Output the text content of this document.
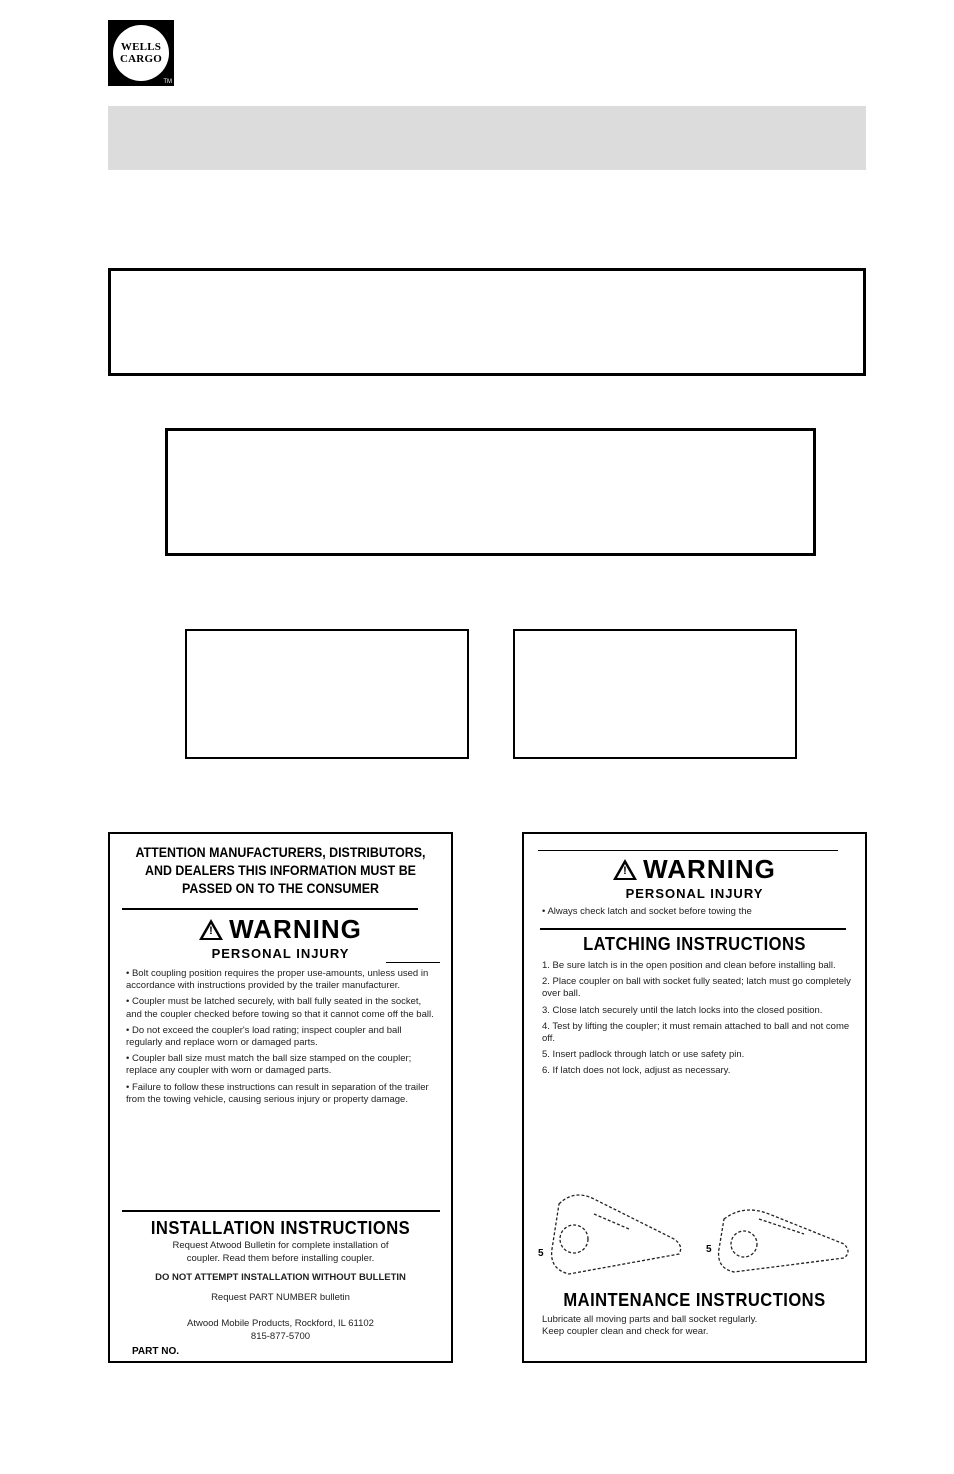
WELLS
CARGO
TM
ATTENTION MANUFACTURERS, DISTRIBUTORS,
AND DEALERS THIS INFORMATION MUST BE
PASSED ON TO THE CONSUMER
!
WARNING
PERSONAL INJURY
• Bolt coupling position requires the proper use-amounts, unless used in accordance with instructions provided by the trailer manufacturer.
• Coupler must be latched securely, with ball fully seated in the socket, and the coupler checked before towing so that it cannot come off the ball.
• Do not exceed the coupler's load rating; inspect coupler and ball regularly and replace worn or damaged parts.
• Coupler ball size must match the ball size stamped on the coupler; replace any coupler with worn or damaged parts.
• Failure to follow these instructions can result in separation of the trailer from the towing vehicle, causing serious injury or property damage.
INSTALLATION INSTRUCTIONS
Request Atwood Bulletin for complete installation of
coupler. Read them before installing coupler.
DO NOT ATTEMPT INSTALLATION WITHOUT BULLETIN
Request PART NUMBER bulletin
Atwood Mobile Products, Rockford, IL 61102
815-877-5700
PART NO.
!
WARNING
PERSONAL INJURY
• Always check latch and socket before towing the
LATCHING INSTRUCTIONS
1. Be sure latch is in the open position and clean before installing ball.
2. Place coupler on ball with socket fully seated; latch must go completely over ball.
3. Close latch securely until the latch locks into the closed position.
4. Test by lifting the coupler; it must remain attached to ball and not come off.
5. Insert padlock through latch or use safety pin.
6. If latch does not lock, adjust as necessary.
5	5
MAINTENANCE INSTRUCTIONS
Lubricate all moving parts and ball socket regularly.
Keep coupler clean and check for wear.
